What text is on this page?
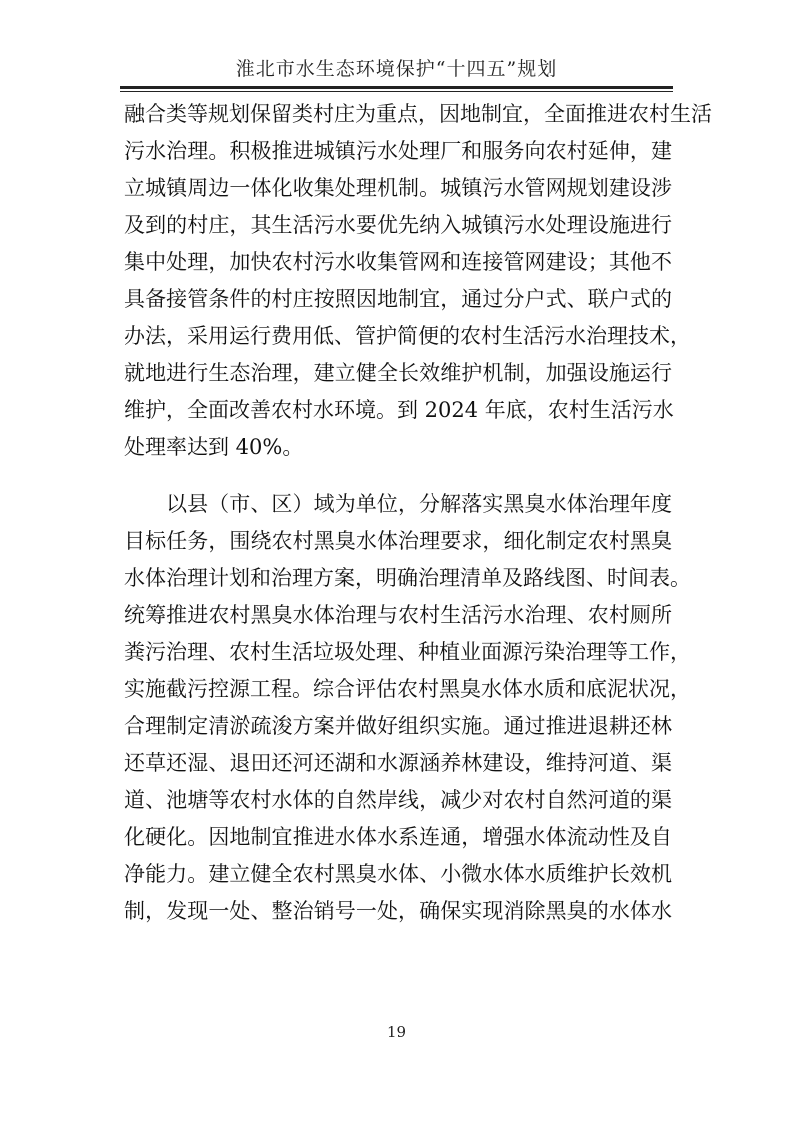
淮北市水生态环境保护“十四五”规划
融合类等规划保留类村庄为重点，因地制宜，全面推进农村生活
污水治理。积极推进城镇污水处理厂和服务向农村延伸，建
立城镇周边一体化收集处理机制。城镇污水管网规划建设涉
及到的村庄，其生活污水要优先纳入城镇污水处理设施进行
集中处理，加快农村污水收集管网和连接管网建设；其他不
具备接管条件的村庄按照因地制宜，通过分户式、联户式的
办法，采用运行费用低、管护简便的农村生活污水治理技术，
就地进行生态治理，建立健全长效维护机制，加强设施运行
维护，全面改善农村水环境。到 2024 年底，农村生活污水
处理率达到 40%。
以县（市、区）域为单位，分解落实黑臭水体治理年度
目标任务，围绕农村黑臭水体治理要求，细化制定农村黑臭
水体治理计划和治理方案，明确治理清单及路线图、时间表。
统筹推进农村黑臭水体治理与农村生活污水治理、农村厕所
粪污治理、农村生活垃圾处理、种植业面源污染治理等工作，
实施截污控源工程。综合评估农村黑臭水体水质和底泥状况，
合理制定清淤疏浚方案并做好组织实施。通过推进退耕还林
还草还湿、退田还河还湖和水源涵养林建设，维持河道、渠
道、池塘等农村水体的自然岸线，减少对农村自然河道的渠
化硬化。因地制宜推进水体水系连通，增强水体流动性及自
净能力。建立健全农村黑臭水体、小微水体水质维护长效机
制，发现一处、整治销号一处，确保实现消除黑臭的水体水
19
